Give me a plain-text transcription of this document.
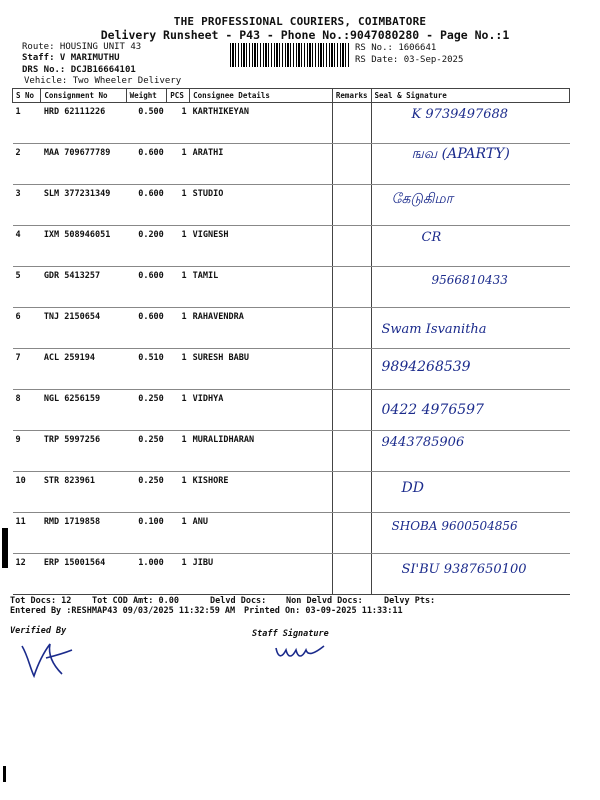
THE PROFESSIONAL COURIERS, COIMBATORE
Delivery Runsheet - P43 - Phone No.:9047080280 - Page No.:1
Route: HOUSING UNIT 43
Staff: V MARIMUTHU
DRS No.: DCJB16664101
Vehicle: Two Wheeler Delivery
RS No.: 1606641
RS Date: 03-Sep-2025
S No	Consignment No	Weight	PCS	Consignee Details	Remarks	Seal & Signature
1	HRD 62111226	0.500	1	KARTHIKEYAN		K 9739497688

2	MAA 709677789	0.600	1	ARATHI		ஙவ (APARTY)

3	SLM 377231349	0.600	1	STUDIO		கேடுகிமா

4	IXM 508946051	0.200	1	VIGNESH		CR

5	GDR 5413257	0.600	1	TAMIL		9566810433

6	TNJ 2150654	0.600	1	RAHAVENDRA		Swam Isvanitha

7	ACL 259194	0.510	1	SURESH BABU		9894268539

8	NGL 6256159	0.250	1	VIDHYA		0422 4976597

9	TRP 5997256	0.250	1	MURALIDHARAN		9443785906

10	STR 823961	0.250	1	KISHORE		DD

11	RMD 1719858	0.100	1	ANU		SHOBA 9600504856

12	ERP 15001564	1.000	1	JIBU		SI'BU 9387650100
Tot Docs: 12 Tot COD Amt: 0.00	Delvd Docs: Non Delvd Docs: Delvy Pts:
Entered By :RESHMAP43 09/03/2025 11:32:59 AM Printed On: 03-09-2025 11:33:11
Verified By	Staff Signature
